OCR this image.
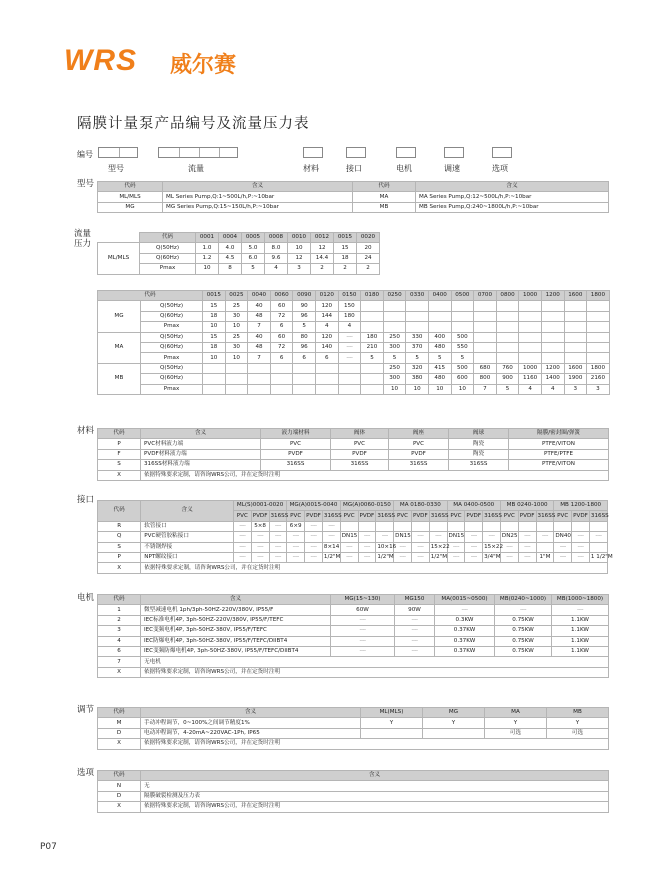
WRS 威尔赛
隔膜计量泵产品编号及流量压力表
编号
型号	流量	材料	接口	电机	调速	选项
型号
流量压力
材料
接口
电机
调节
选项
代码	含义	代码	含义
ML/MLS	ML Series Pump,Q:1~500L/h,P:~10bar	MA	MA Series Pump,Q:12~500L/h,P:~10bar
MG	MG Series Pump,Q:15~150L/h,P:~10bar	MB	MB Series Pump,Q:240~1800L/h,P:~10bar
	代码	0001	0004	0005	0008	0010	0012	0015	0020
ML/MLS	Q(50Hz)	1.0	4.0	5.0	8.0	10	12	15	20
	Q(60Hz)	1.2	4.5	6.0	9.6	12	14.4	18	24
	Pmax	10	8	5	4	3	2	2	2
代码		0015	0025	0040	0060	0090	0120	0150	0180	0250	0330	0400	0500	0700	0800	1000	1200	1600	1800
MG	Q(50Hz)	15	25	40	60	90	120	150											
	Q(60Hz)	18	30	48	72	96	144	180											
	Pmax	10	10	7	6	5	4	4											
MA	Q(50Hz)	15	25	40	60	80	120	----	180	250	330	400	500						
	Q(60Hz)	18	30	48	72	96	140	----	210	300	370	480	550						
	Pmax	10	10	7	6	6	6	----	5	5	5	5	5						
MB	Q(50Hz)									250	320	415	500	680	760	1000	1200	1600	1800
	Q(60Hz)									300	380	480	600	800	900	1160	1400	1900	2160
	Pmax									10	10	10	10	7	5	4	4	3	3
代码	含义	液力端材料	阀体	阀座	阀球	隔膜/密封圈/弹簧
P	PVC材料液力端	PVC	PVC	PVC	陶瓷	PTFE/VITON
F	PVDF材料液力端	PVDF	PVDF	PVDF	陶瓷	PTFE/PTFE
S	316SS材料液力端	316SS	316SS	316SS	316SS	PTFE/VITON
X	依据特殊要求定制，请咨询WRS公司，并在定货时注明					
代码	含义	ML(S)0001-0020			MG(A)0015-0040			MG(A)0060-0150			MA 0180-0330			MA 0400-0500			MB 0240-1000			MB 1200-1800		
		PVC	PVDF	316SS	PVC	PVDF	316SS	PVC	PVDF	316SS	PVC	PVDF	316SS	PVC	PVDF	316SS	PVC	PVDF	316SS	PVC	PVDF	316SS
R	软管接口	----	5×8	----	6×9	----	----															
Q	PVC硬管胶粘接口	----	----	----	----	----	----	DN15	----	----	DN15	----	----	DN15	----	----	DN25	----	----	DN40	----	----
S	不锈钢焊接	----	----	----	----	----	8×14	----	----	10×16	----	----	15×22	----	----	15×22	----	----		----	----	
P	NPT螺纹接口	----	----	----	----	----	1/2"M	----	----	1/2"M	----	----	1/2"M	----	----	3/4"M	----	----	1"M	----	----	1 1/2"M
X	依据特殊要求定制，请咨询WRS公司，并在定货时注明																					
代码	含义	MG(15~130)	MG150	MA(0015~0500)	MB(0240~1000)	MB(1000~1800)
1	微型减速电机 1ph/3ph-50HZ-220V/380V, IP55/F	60W	90W	----	----	----
2	IEC标准电机4P, 3ph-50HZ-220V/380V, IP55/F/TEFC	----	----	0.3KW	0.75KW	1.1KW
3	IEC变频电机4P, 3ph-50HZ-380V, IP55/F/TEFC	----	----	0.37KW	0.75KW	1.1KW
4	IEC防爆电机4P, 3ph-50HZ-380V, IP55/F/TEFC/DIIBT4	----	----	0.37KW	0.75KW	1.1KW
6	IEC变频防爆电机4P, 3ph-50HZ-380V, IP55/F/TEFC/DIIBT4	----	----	0.37KW	0.75KW	1.1KW
7	无电机					
X	依据特殊要求定制，请咨询WRS公司，并在定货时注明					
代码	含义	ML(MLS)	MG	MA	MB
M	手动冲程调节，0~100%之间调节精度1%	Y	Y	Y	Y
D	电动冲程调节，4-20mA~220VAC-1Ph, IP65			可选	可选
X	依据特殊要求定制，请咨询WRS公司，并在定货时注明				
代码	含义
N	无
D	隔膜破裂检测及压力表
X	依据特殊要求定制，请咨询WRS公司，并在定货时注明
P07
